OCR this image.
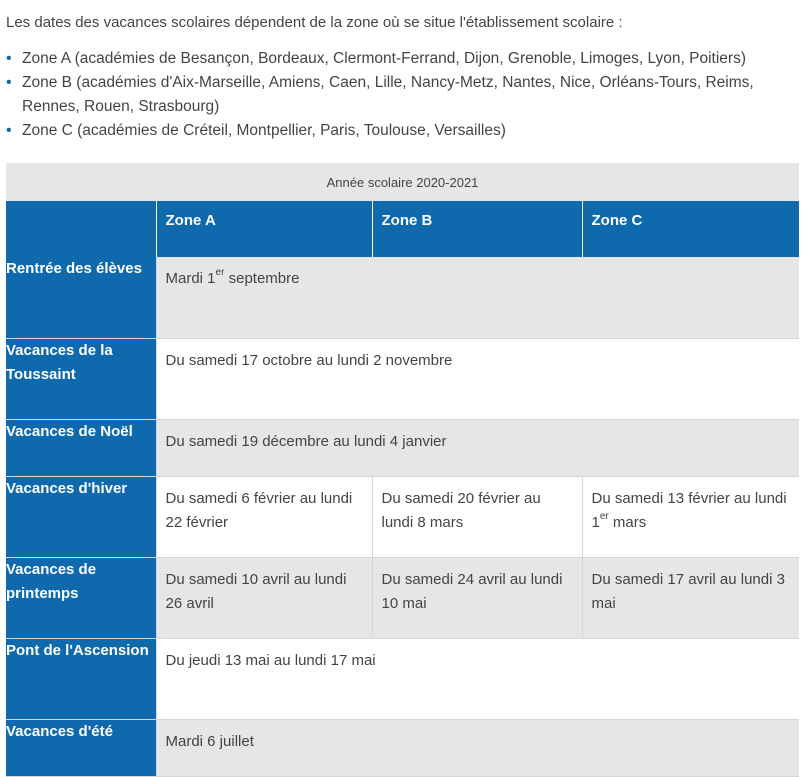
Les dates des vacances scolaires dépendent de la zone où se situe l'établissement scolaire :

• Zone A (académies de Besançon, Bordeaux, Clermont-Ferrand, Dijon, Grenoble, Limoges, Lyon, Poitiers)
• Zone B (académies d'Aix-Marseille, Amiens, Caen, Lille, Nancy-Metz, Nantes, Nice, Orléans-Tours, Reims, Rennes, Rouen, Strasbourg)
• Zone C (académies de Créteil, Montpellier, Paris, Toulouse, Versailles)
Année scolaire 2020-2021			
	Zone A	Zone B	Zone C
Rentrée des élèves	Mardi 1er septembre		
Vacances de la Toussaint	Du samedi 17 octobre au lundi 2 novembre		
Vacances de Noël	Du samedi 19 décembre au lundi 4 janvier		
Vacances d'hiver	Du samedi 6 février au lundi 22 février	Du samedi 20 février au lundi 8 mars	Du samedi 13 février au lundi 1er mars
Vacances de printemps	Du samedi 10 avril au lundi 26 avril	Du samedi 24 avril au lundi 10 mai	Du samedi 17 avril au lundi 3 mai
Pont de l'Ascension	Du jeudi 13 mai au lundi 17 mai		
Vacances d'été	Mardi 6 juillet		
